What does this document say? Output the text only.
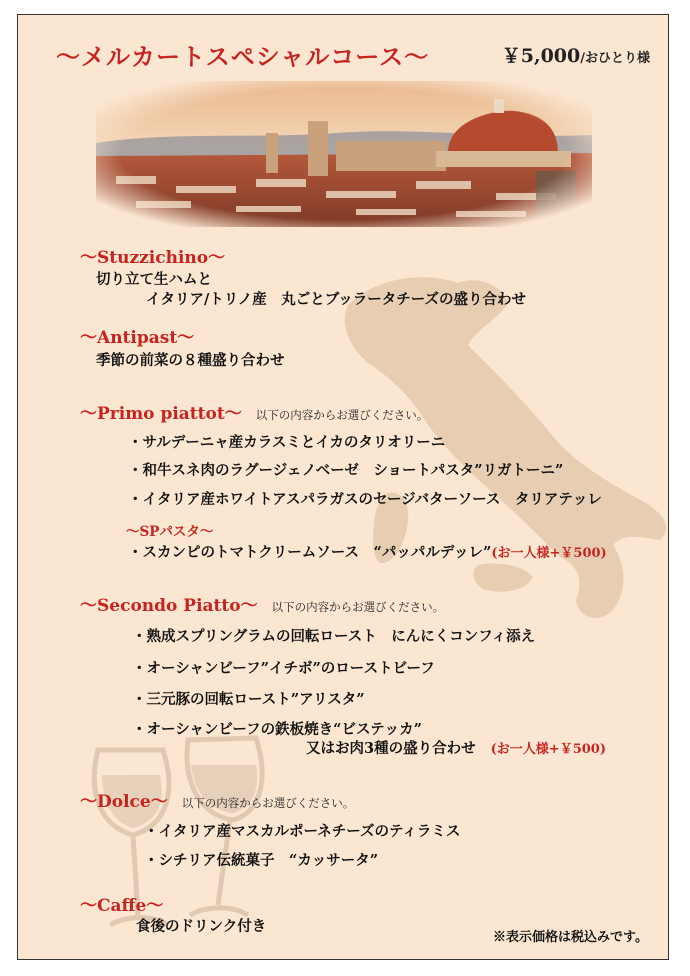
～メルカートスペシャルコース～	￥5,000/おひとり様
～Stuzzichino～
切り立て生ハムと
イタリア/トリノ産　丸ごとブッラータチーズの盛り合わせ
～Antipast～
季節の前菜の８種盛り合わせ
～Primo piattot～ 以下の内容からお選びください。
・サルデーニャ産カラスミとイカのタリオリーニ
・和牛スネ肉のラグージェノベーゼ　ショートパスタ”リガトーニ”
・イタリア産ホワイトアスパラガスのセージバターソース　タリアテッレ
～SPパスタ～
・スカンピのトマトクリームソース　“パッパルデッレ”(お一人様+￥500)
～Secondo Piatto～ 以下の内容からお選びください。
・熟成スプリングラムの回転ロースト　にんにくコンフィ添え
・オーシャンビーフ”イチボ”のローストビーフ
・三元豚の回転ロースト”アリスタ”
・オーシャンビーフの鉄板焼き“ビステッカ”
又はお肉3種の盛り合わせ (お一人様+￥500)
～Dolce～ 以下の内容からお選びください。
・イタリア産マスカルポーネチーズのティラミス
・シチリア伝統菓子　“カッサータ”
～Caffe～
食後のドリンク付き
※表示価格は税込みです。
